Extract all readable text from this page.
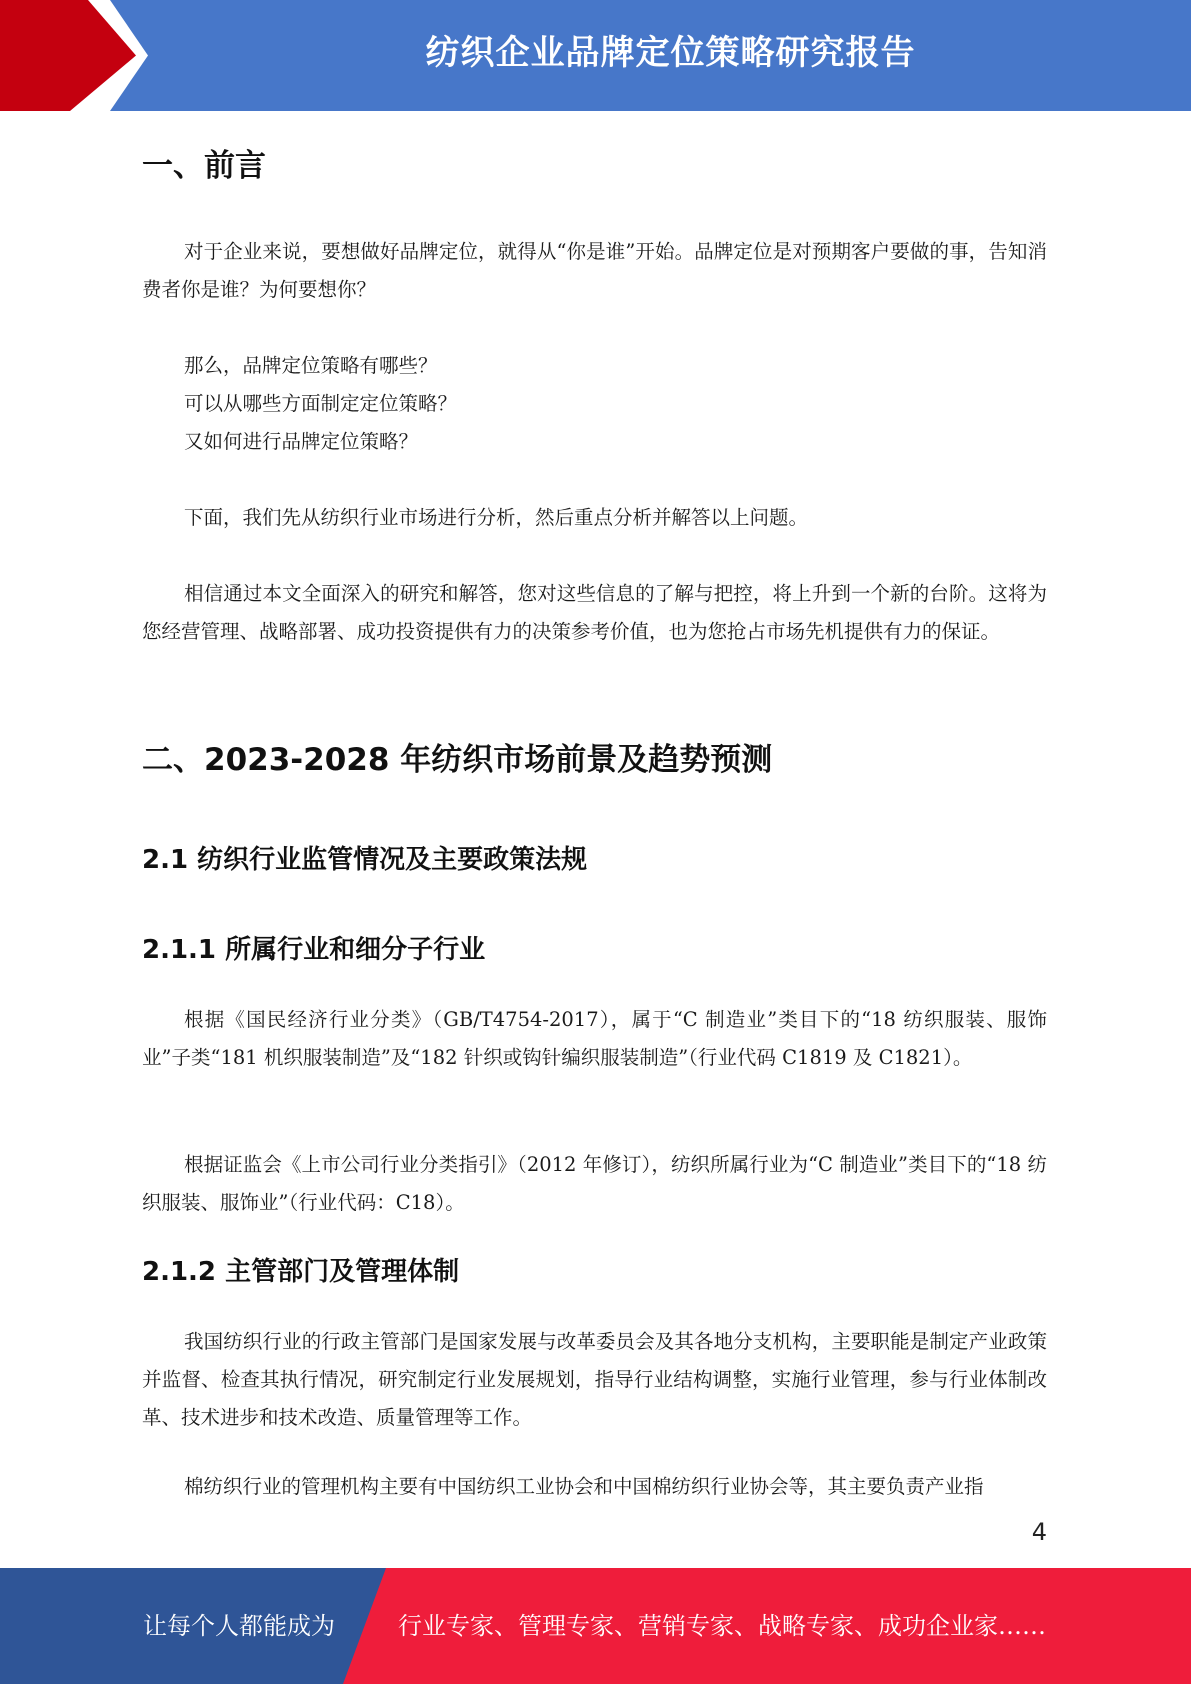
纺织企业品牌定位策略研究报告
一、前言
对于企业来说，要想做好品牌定位，就得从“你是谁”开始。品牌定位是对预期客户要做的事，告知消费者你是谁？为何要想你？
那么，品牌定位策略有哪些？
可以从哪些方面制定定位策略？
又如何进行品牌定位策略？
下面，我们先从纺织行业市场进行分析，然后重点分析并解答以上问题。
相信通过本文全面深入的研究和解答，您对这些信息的了解与把控，将上升到一个新的台阶。这将为您经营管理、战略部署、成功投资提供有力的决策参考价值，也为您抢占市场先机提供有力的保证。
二、2023-2028 年纺织市场前景及趋势预测
2.1 纺织行业监管情况及主要政策法规
2.1.1 所属行业和细分子行业
根据《国民经济行业分类》（GB/T4754-2017），属于“C 制造业”类目下的“18 纺织服装、服饰业”子类“181 机织服装制造”及“182 针织或钩针编织服装制造”（行业代码 C1819 及 C1821）。
根据证监会《上市公司行业分类指引》（2012 年修订），纺织所属行业为“C 制造业”类目下的“18 纺织服装、服饰业”（行业代码：C18）。
2.1.2 主管部门及管理体制
我国纺织行业的行政主管部门是国家发展与改革委员会及其各地分支机构，主要职能是制定产业政策并监督、检查其执行情况，研究制定行业发展规划，指导行业结构调整，实施行业管理，参与行业体制改革、技术进步和技术改造、质量管理等工作。
棉纺织行业的管理机构主要有中国纺织工业协会和中国棉纺织行业协会等，其主要负责产业指
4
让每个人都能成为	行业专家、管理专家、营销专家、战略专家、成功企业家……
